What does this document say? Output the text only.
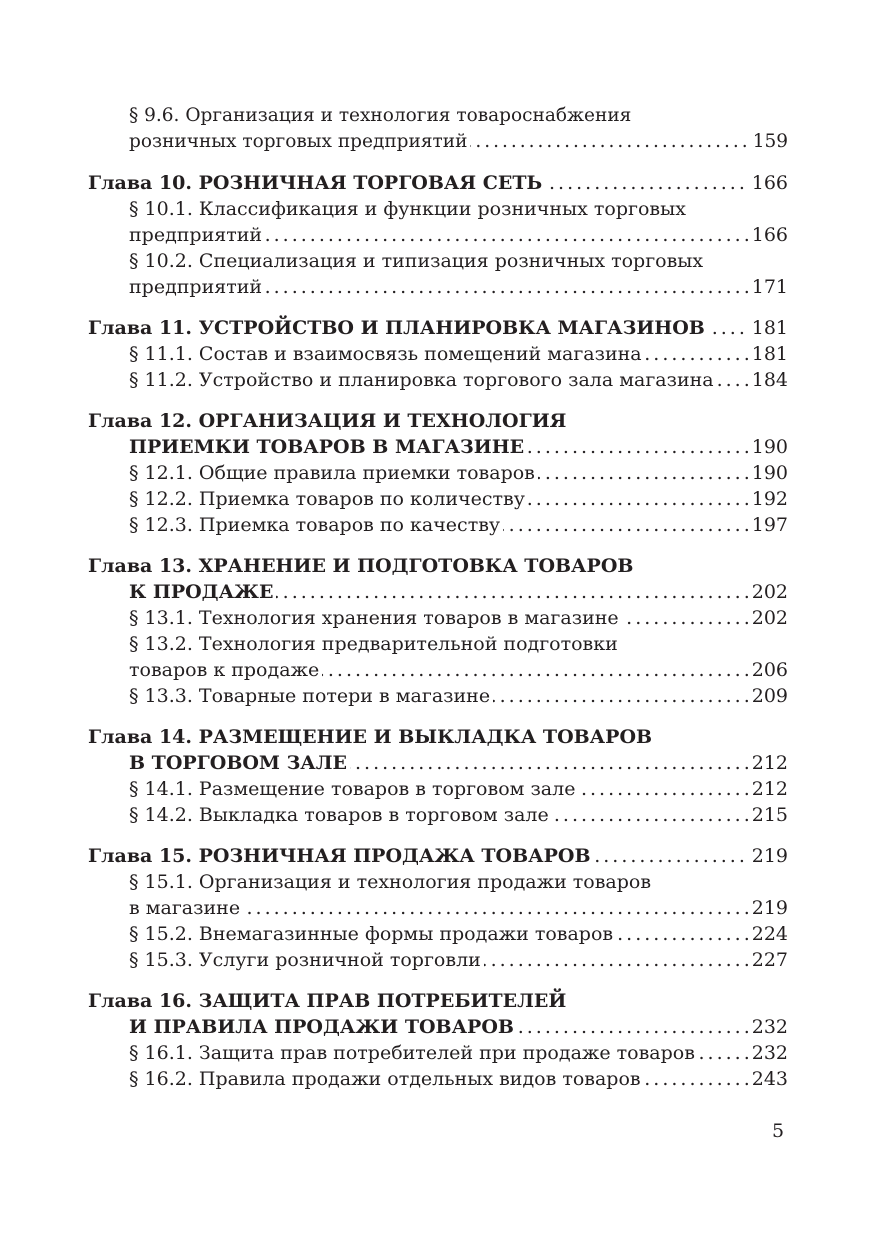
§ 9.6. Организация и технология товароснабжения
розничных торговых предприятий .....	159
Глава 10. РОЗНИЧНАЯ ТОРГОВАЯ СЕТЬ .....	166
§ 10.1. Классификация и функции розничных торговых
предприятий .....	166
§ 10.2. Специализация и типизация розничных торговых
предприятий .....	171
Глава 11. УСТРОЙСТВО И ПЛАНИРОВКА МАГАЗИНОВ ..... 181
§ 11.1. Состав и взаимосвязь помещений магазина .....	181
§ 11.2. Устройство и планировка торгового зала магазина ..... 184
Глава 12. ОРГАНИЗАЦИЯ И ТЕХНОЛОГИЯ
ПРИЕМКИ ТОВАРОВ В МАГАЗИНЕ .....	190
§ 12.1. Общие правила приемки товаров .....	190
§ 12.2. Приемка товаров по количеству .....	192
§ 12.3. Приемка товаров по качеству .....	197
Глава 13. ХРАНЕНИЕ И ПОДГОТОВКА ТОВАРОВ
К ПРОДАЖЕ .....	202
§ 13.1. Технология хранения товаров в магазине .....	202
§ 13.2. Технология предварительной подготовки
товаров к продаже .....	206
§ 13.3. Товарные потери в магазине .....	209
Глава 14. РАЗМЕЩЕНИЕ И ВЫКЛАДКА ТОВАРОВ
В ТОРГОВОМ ЗАЛЕ .....	212
§ 14.1. Размещение товаров в торговом зале .....	212
§ 14.2. Выкладка товаров в торговом зале .....	215
Глава 15. РОЗНИЧНАЯ ПРОДАЖА ТОВАРОВ .....	219
§ 15.1. Организация и технология продажи товаров
в магазине .....	219
§ 15.2. Внемагазинные формы продажи товаров .....	224
§ 15.3. Услуги розничной торговли .....	227
Глава 16. ЗАЩИТА ПРАВ ПОТРЕБИТЕЛЕЙ
И ПРАВИЛА ПРОДАЖИ ТОВАРОВ .....	232
§ 16.1. Защита прав потребителей при продаже товаров .....	232
§ 16.2. Правила продажи отдельных видов товаров .....	243
5
